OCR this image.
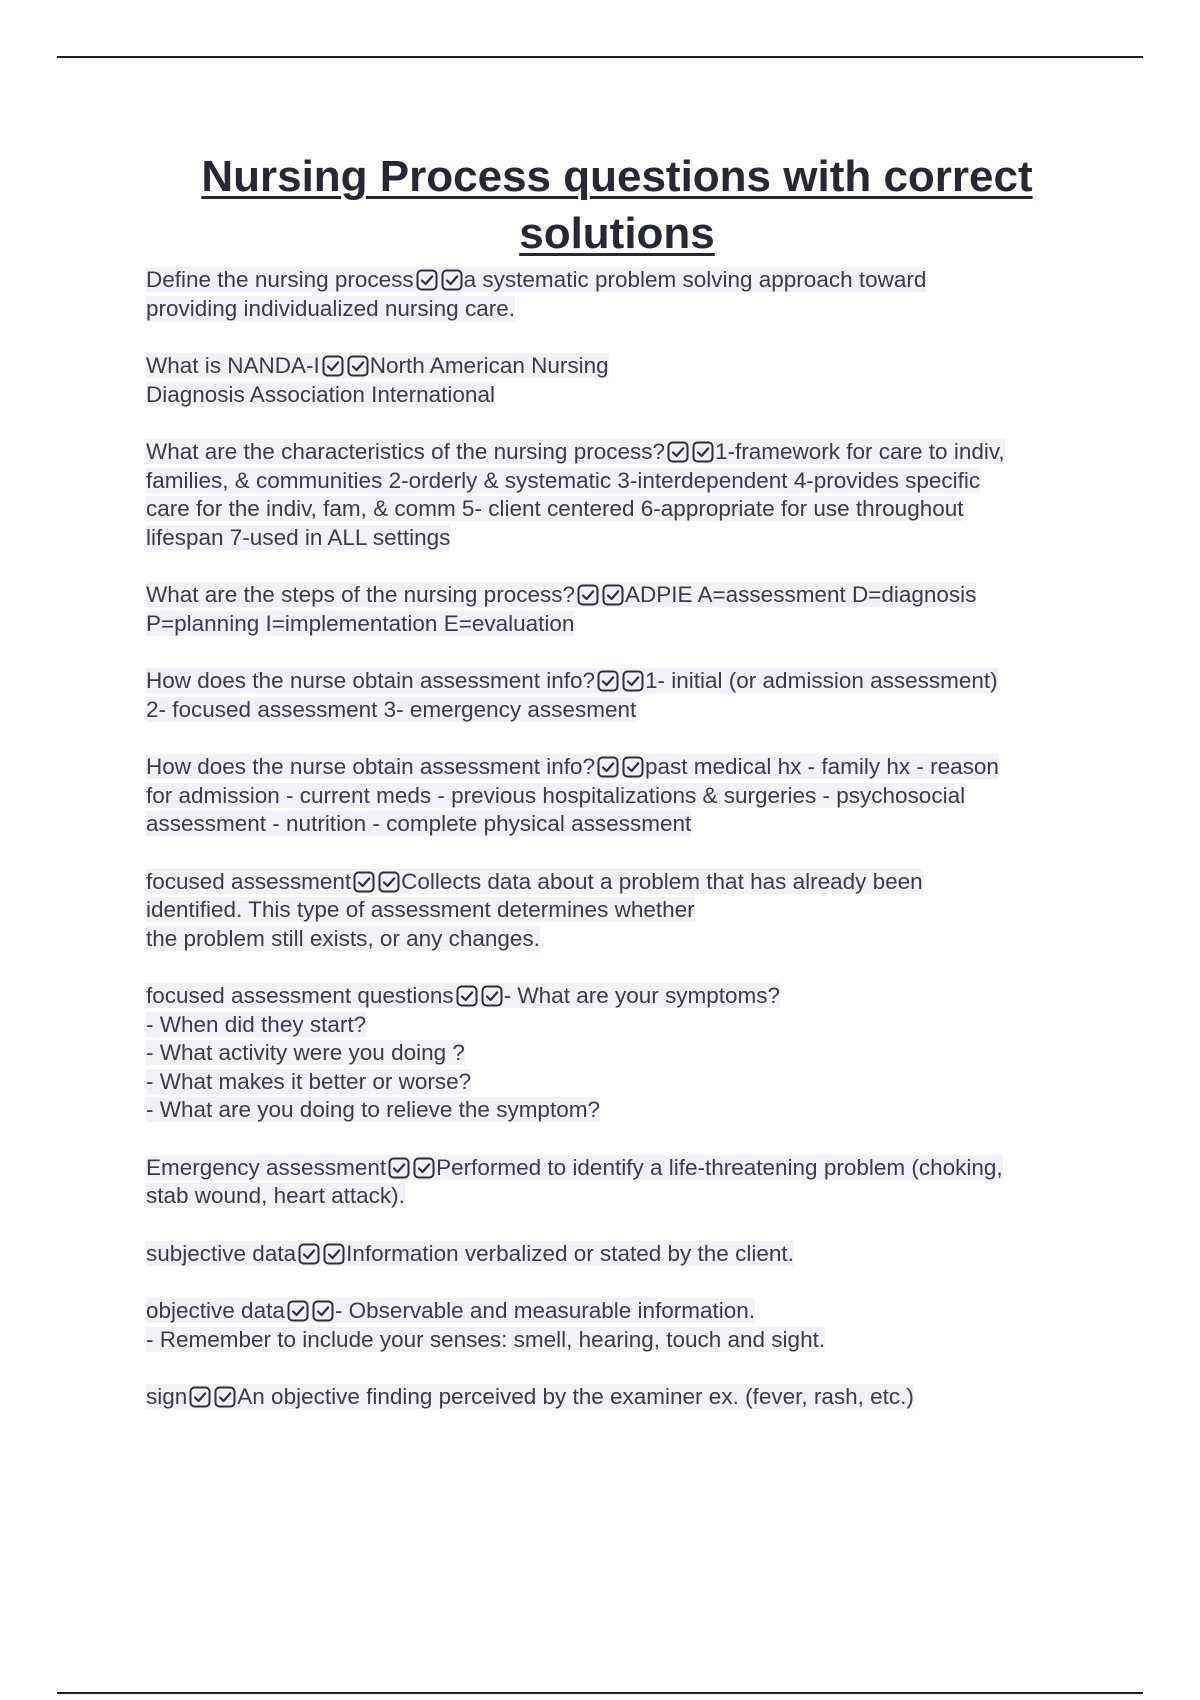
Nursing Process questions with correct
solutions
Define the nursing process a systematic problem solving approach toward
providing individualized nursing care.
What is NANDA-I North American Nursing
Diagnosis Association International
What are the characteristics of the nursing process? 1-framework for care to indiv,
families, & communities 2-orderly & systematic 3-interdependent 4-provides specific
care for the indiv, fam, & comm 5- client centered 6-appropriate for use throughout
lifespan 7-used in ALL settings
What are the steps of the nursing process? ADPIE A=assessment D=diagnosis
P=planning I=implementation E=evaluation
How does the nurse obtain assessment info? 1- initial (or admission assessment)
2- focused assessment 3- emergency assesment
How does the nurse obtain assessment info? past medical hx - family hx - reason
for admission - current meds - previous hospitalizations & surgeries - psychosocial
assessment - nutrition - complete physical assessment
focused assessment Collects data about a problem that has already been
identified. This type of assessment determines whether
the problem still exists, or any changes.
focused assessment questions - What are your symptoms?
- When did they start?
- What activity were you doing ?
- What makes it better or worse?
- What are you doing to relieve the symptom?
Emergency assessment Performed to identify a life-threatening problem (choking,
stab wound, heart attack).
subjective data Information verbalized or stated by the client.
objective data - Observable and measurable information.
- Remember to include your senses: smell, hearing, touch and sight.
sign An objective finding perceived by the examiner ex. (fever, rash, etc.)
